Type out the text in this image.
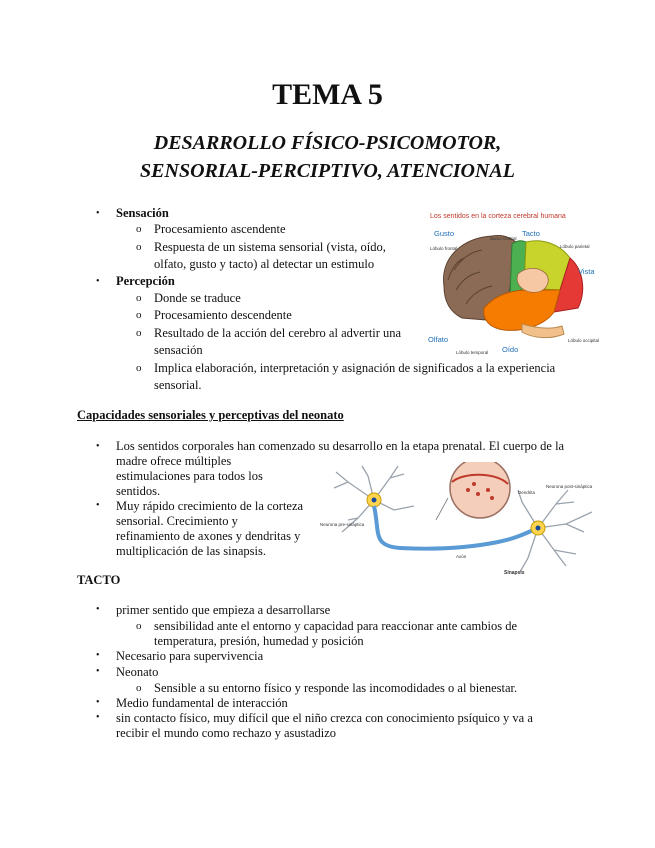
TEMA 5
DESARROLLO FÍSICO-PSICOMOTOR,
SENSORIAL-PERCIPTIVO, ATENCIONAL
• Sensación
o Procesamiento ascendente
o Respuesta de un sistema sensorial (vista, oído,
olfato, gusto y tacto) al detectar un estimulo
• Percepción
o Donde se traduce
o Procesamiento descendente
o Resultado de la acción del cerebro al advertir una
sensación
o Implica elaboración, interpretación y asignación de significados a la experiencia
sensorial.
Los sentidos en la corteza cerebral humana
Gusto	Tacto
Vista
Olfato
Oído
Lóbulo frontal	Lóbulo parietal
Lóbulo occipital
Lóbulo temporal
Surco central
Capacidades sensoriales y perceptivas del neonato
• Los sentidos corporales han comenzado su desarrollo en la etapa prenatal. El cuerpo de la
madre ofrece múltiples
estimulaciones para todos los
sentidos.
• Muy rápido crecimiento de la corteza
sensorial. Crecimiento y
refinamiento de axones y dendritas y
multiplicación de las sinapsis.
Neurona pre-sináptica
Dendrita
Neurona post-sináptica
Axón
Sinapsis
TACTO
• primer sentido que empieza a desarrollarse
o sensibilidad ante el entorno y capacidad para reaccionar ante cambios de
temperatura, presión, humedad y posición
• Necesario para supervivencia
• Neonato
o Sensible a su entorno físico y responde las incomodidades o al bienestar.
• Medio fundamental de interacción
• sin contacto físico, muy difícil que el niño crezca con conocimiento psíquico y va a
recibir el mundo como rechazo y asustadizo
